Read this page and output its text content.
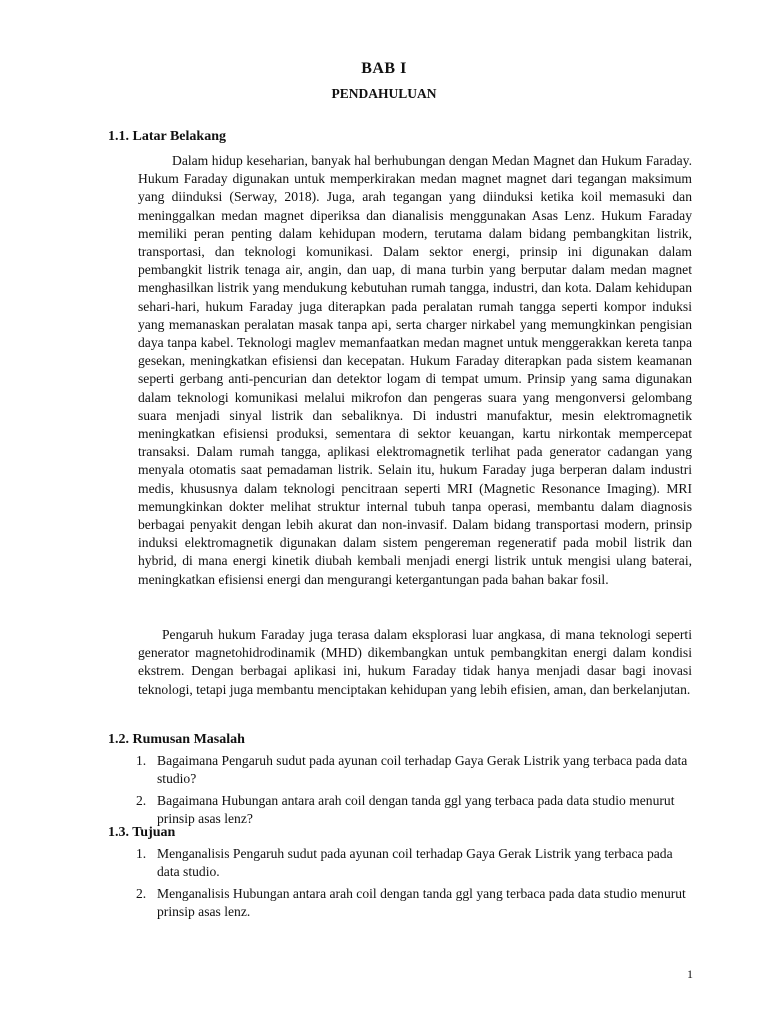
BAB I
PENDAHULUAN
1.1. Latar Belakang

Dalam hidup keseharian, banyak hal berhubungan dengan Medan Magnet dan Hukum Faraday. Hukum Faraday digunakan untuk memperkirakan medan magnet magnet dari tegangan maksimum yang diinduksi (Serway, 2018). Juga, arah tegangan yang diinduksi ketika koil memasuki dan meninggalkan medan magnet diperiksa dan dianalisis menggunakan Asas Lenz. Hukum Faraday memiliki peran penting dalam kehidupan modern, terutama dalam bidang pembangkitan listrik, transportasi, dan teknologi komunikasi. Dalam sektor energi, prinsip ini digunakan dalam pembangkit listrik tenaga air, angin, dan uap, di mana turbin yang berputar dalam medan magnet menghasilkan listrik yang mendukung kebutuhan rumah tangga, industri, dan kota. Dalam kehidupan sehari-hari, hukum Faraday juga diterapkan pada peralatan rumah tangga seperti kompor induksi yang memanaskan peralatan masak tanpa api, serta charger nirkabel yang memungkinkan pengisian daya tanpa kabel. Teknologi maglev memanfaatkan medan magnet untuk menggerakkan kereta tanpa gesekan, meningkatkan efisiensi dan kecepatan. Hukum Faraday diterapkan pada sistem keamanan seperti gerbang anti-pencurian dan detektor logam di tempat umum. Prinsip yang sama digunakan dalam teknologi komunikasi melalui mikrofon dan pengeras suara yang mengonversi gelombang suara menjadi sinyal listrik dan sebaliknya. Di industri manufaktur, mesin elektromagnetik meningkatkan efisiensi produksi, sementara di sektor keuangan, kartu nirkontak mempercepat transaksi. Dalam rumah tangga, aplikasi elektromagnetik terlihat pada generator cadangan yang menyala otomatis saat pemadaman listrik. Selain itu, hukum Faraday juga berperan dalam industri medis, khususnya dalam teknologi pencitraan seperti MRI (Magnetic Resonance Imaging). MRI memungkinkan dokter melihat struktur internal tubuh tanpa operasi, membantu dalam diagnosis berbagai penyakit dengan lebih akurat dan non-invasif. Dalam bidang transportasi modern, prinsip induksi elektromagnetik digunakan dalam sistem pengereman regeneratif pada mobil listrik dan hybrid, di mana energi kinetik diubah kembali menjadi energi listrik untuk mengisi ulang baterai, meningkatkan efisiensi energi dan mengurangi ketergantungan pada bahan bakar fosil.

Pengaruh hukum Faraday juga terasa dalam eksplorasi luar angkasa, di mana teknologi seperti generator magnetohidrodinamik (MHD) dikembangkan untuk pembangkitan energi dalam kondisi ekstrem. Dengan berbagai aplikasi ini, hukum Faraday tidak hanya menjadi dasar bagi inovasi teknologi, tetapi juga membantu menciptakan kehidupan yang lebih efisien, aman, dan berkelanjutan.

1.2. Rumusan Masalah
1. Bagaimana Pengaruh sudut pada ayunan coil terhadap Gaya Gerak Listrik yang terbaca pada data studio?
2. Bagaimana Hubungan antara arah coil dengan tanda ggl yang terbaca pada data studio menurut prinsip asas lenz?
1.3. Tujuan
1. Menganalisis Pengaruh sudut pada ayunan coil terhadap Gaya Gerak Listrik yang terbaca pada data studio.
2. Menganalisis Hubungan antara arah coil dengan tanda ggl yang terbaca pada data studio menurut prinsip asas lenz.
1
